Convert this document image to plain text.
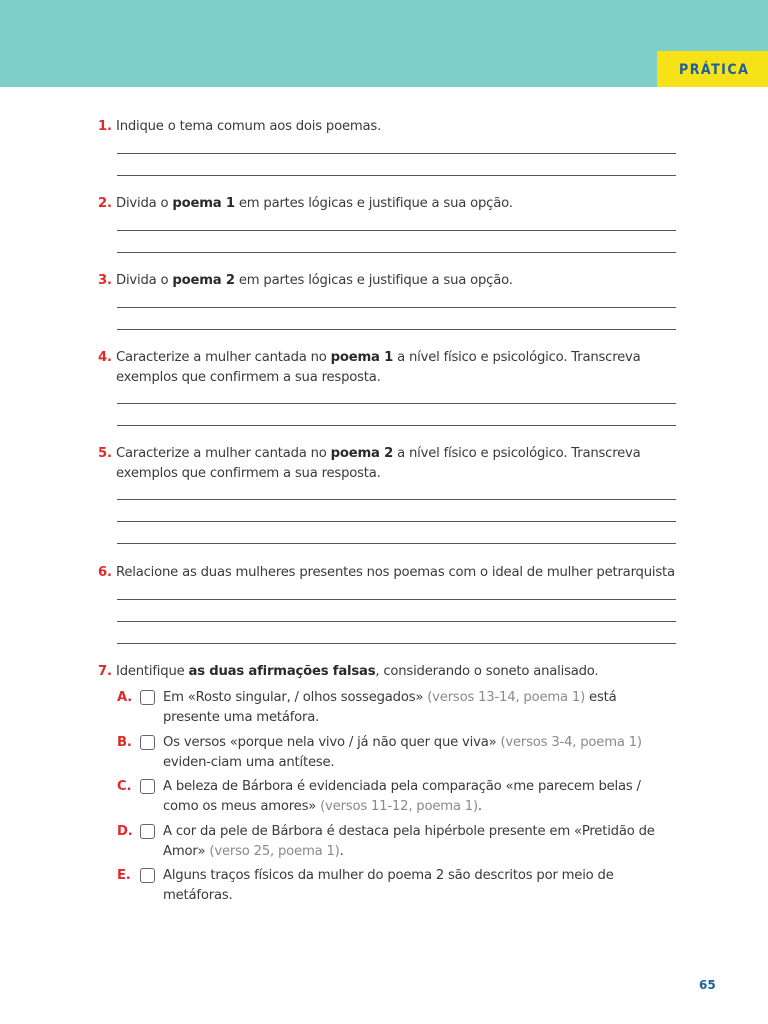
PRÁTICA
1. Indique o tema comum aos dois poemas.
2. Divida o poema 1 em partes lógicas e justifique a sua opção.
3. Divida o poema 2 em partes lógicas e justifique a sua opção.
4. Caracterize a mulher cantada no poema 1 a nível físico e psicológico. Transcreva exemplos que confirmem a sua resposta.
5. Caracterize a mulher cantada no poema 2 a nível físico e psicológico. Transcreva exemplos que confirmem a sua resposta.
6. Relacione as duas mulheres presentes nos poemas com o ideal de mulher petrarquista
7. Identifique as duas afirmações falsas, considerando o soneto analisado.
A. Em «Rosto singular, / olhos sossegados» (versos 13-14, poema 1) está presente uma metáfora.
B. Os versos «porque nela vivo / já não quer que viva» (versos 3-4, poema 1) eviden-ciam uma antítese.
C. A beleza de Bárbora é evidenciada pela comparação «me parecem belas / como os meus amores» (versos 11-12, poema 1).
D. A cor da pele de Bárbora é destaca pela hipérbole presente em «Pretidão de Amor» (verso 25, poema 1).
E. Alguns traços físicos da mulher do poema 2 são descritos por meio de metáforas.
65
